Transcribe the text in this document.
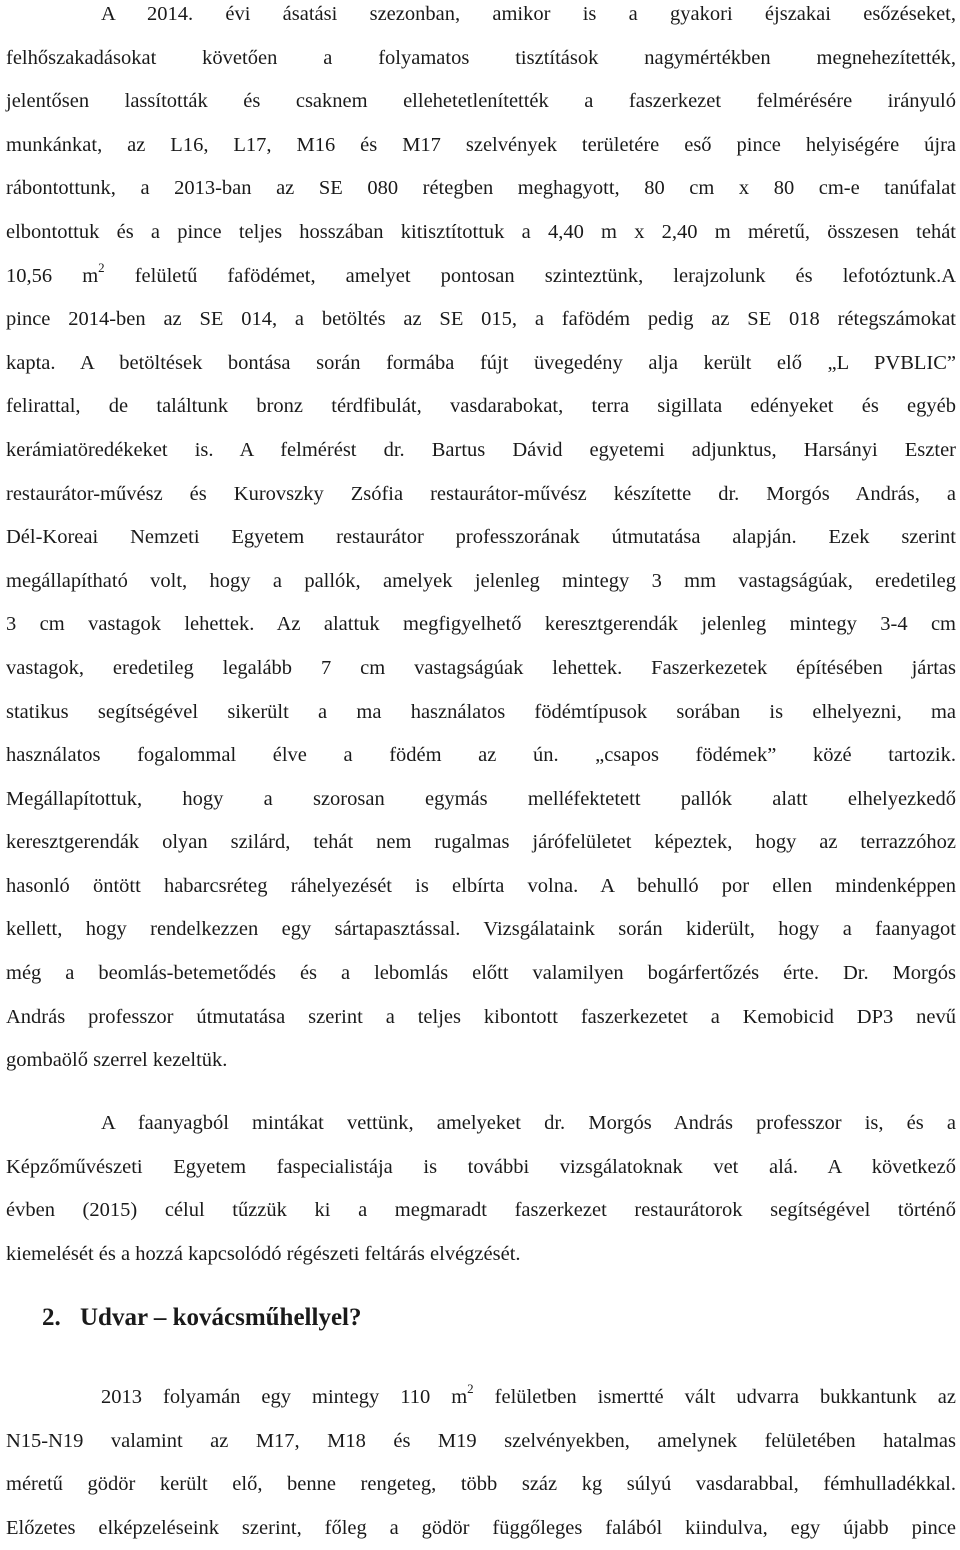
A 2014. évi ásatási szezonban, amikor is a gyakori éjszakai esőzéseket,
felhőszakadásokat követően a folyamatos tisztítások nagymértékben megnehezítették,
jelentősen lassították és csaknem ellehetetlenítették a faszerkezet felmérésére irányuló
munkánkat, az L16, L17, M16 és M17 szelvények területére eső pince helyiségére újra
rábontottunk, a 2013-ban az SE 080 rétegben meghagyott, 80 cm x 80 cm-e tanúfalat
elbontottuk és a pince teljes hosszában kitisztítottuk a 4,40 m x 2,40 m méretű, összesen tehát
10,56 $m^2$ felületű fafödémet, amelyet pontosan szinteztünk, lerajzolunk és lefotóztunk.A
pince 2014-ben az SE 014, a betöltés az SE 015, a fafödém pedig az SE 018 rétegszámokat
kapta. A betöltések bontása során formába fújt üvegedény alja került elő „L PVBLIC”
felirattal, de találtunk bronz térdfibulát, vasdarabokat, terra sigillata edényeket és egyéb
kerámiatöredékeket is. A felmérést dr. Bartus Dávid egyetemi adjunktus, Harsányi Eszter
restaurátor-művész és Kurovszky Zsófia restaurátor-művész készítette dr. Morgós András, a
Dél-Koreai Nemzeti Egyetem restaurátor professzorának útmutatása alapján. Ezek szerint
megállapítható volt, hogy a pallók, amelyek jelenleg mintegy 3 mm vastagságúak, eredetileg
3 cm vastagok lehettek. Az alattuk megfigyelhető keresztgerendák jelenleg mintegy 3-4 cm
vastagok, eredetileg legalább 7 cm vastagságúak lehettek. Faszerkezetek építésében jártas
statikus segítségével sikerült a ma használatos födémtípusok sorában is elhelyezni, ma
használatos fogalommal élve a födém az ún. „csapos födémek” közé tartozik.
Megállapítottuk, hogy a szorosan egymás melléfektetett pallók alatt elhelyezkedő
keresztgerendák olyan szilárd, tehát nem rugalmas járófelületet képeztek, hogy az terrazzóhoz
hasonló öntött habarcsréteg ráhelyezését is elbírta volna. A behulló por ellen mindenképpen
kellett, hogy rendelkezzen egy sártapasztással. Vizsgálataink során kiderült, hogy a faanyagot
még a beomlás-betemetődés és a lebomlás előtt valamilyen bogárfertőzés érte. Dr. Morgós
András professzor útmutatása szerint a teljes kibontott faszerkezetet a Kemobicid DP3 nevű
gombaölő szerrel kezeltük.
A faanyagból mintákat vettünk, amelyeket dr. Morgós András professzor is, és a
Képzőművészeti Egyetem faspecialistája is további vizsgálatoknak vet alá. A következő
évben (2015) célul tűzzük ki a megmaradt faszerkezet restaurátorok segítségével történő
kiemelését és a hozzá kapcsolódó régészeti feltárás elvégzését.
2. Udvar – kovácsműhellyel?
2013 folyamán egy mintegy 110 $m^2$ felületben ismertté vált udvarra bukkantunk az
N15-N19 valamint az M17, M18 és M19 szelvényekben, amelynek felületében hatalmas
méretű gödör került elő, benne rengeteg, több száz kg súlyú vasdarabbal, fémhulladékkal.
Előzetes elképzeléseink szerint, főleg a gödör függőleges falából kiindulva, egy újabb pince
